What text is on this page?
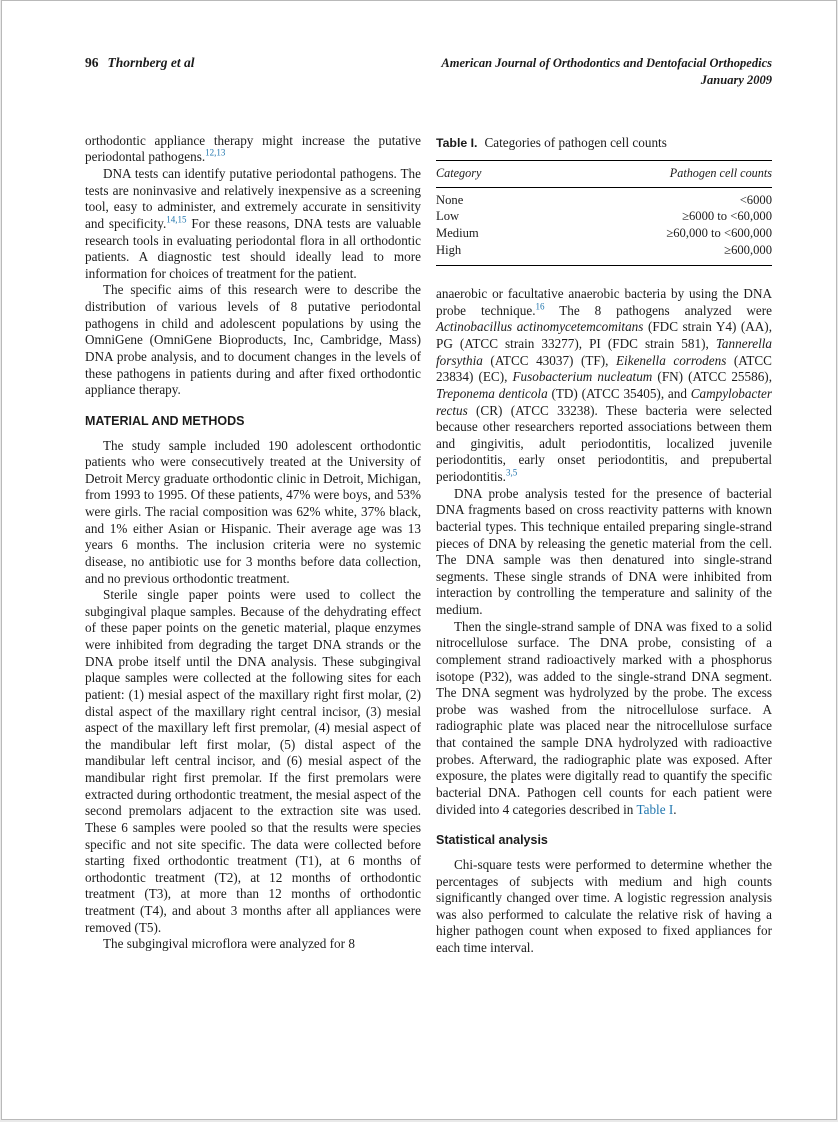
96 Thornberg et al	American Journal of Orthodontics and Dentofacial Orthopedics
January 2009

orthodontic appliance therapy might increase the putative periodontal pathogens.$^{12,13}$

DNA tests can identify putative periodontal pathogens. The tests are noninvasive and relatively inexpensive as a screening tool, easy to administer, and extremely accurate in sensitivity and specificity.$^{14,15}$ For these reasons, DNA tests are valuable research tools in evaluating periodontal flora in all orthodontic patients. A diagnostic test should ideally lead to more information for choices of treatment for the patient.

The specific aims of this research were to describe the distribution of various levels of 8 putative periodontal pathogens in child and adolescent populations by using the OmniGene (OmniGene Bioproducts, Inc, Cambridge, Mass) DNA probe analysis, and to document changes in the levels of these pathogens in patients during and after fixed orthodontic appliance therapy.

MATERIAL AND METHODS

The study sample included 190 adolescent orthodontic patients who were consecutively treated at the University of Detroit Mercy graduate orthodontic clinic in Detroit, Michigan, from 1993 to 1995. Of these patients, 47% were boys, and 53% were girls. The racial composition was 62% white, 37% black, and 1% either Asian or Hispanic. Their average age was 13 years 6 months. The inclusion criteria were no systemic disease, no antibiotic use for 3 months before data collection, and no previous orthodontic treatment.

Sterile single paper points were used to collect the subgingival plaque samples. Because of the dehydrating effect of these paper points on the genetic material, plaque enzymes were inhibited from degrading the target DNA strands or the DNA probe itself until the DNA analysis. These subgingival plaque samples were collected at the following sites for each patient: (1) mesial aspect of the maxillary right first molar, (2) distal aspect of the maxillary right central incisor, (3) mesial aspect of the maxillary left first premolar, (4) mesial aspect of the mandibular left first molar, (5) distal aspect of the mandibular left central incisor, and (6) mesial aspect of the mandibular right first premolar. If the first premolars were extracted during orthodontic treatment, the mesial aspect of the second premolars adjacent to the extraction site was used. These 6 samples were pooled so that the results were species specific and not site specific. The data were collected before starting fixed orthodontic treatment (T1), at 6 months of orthodontic treatment (T2), at 12 months of orthodontic treatment (T3), at more than 12 months of orthodontic treatment (T4), and about 3 months after all appliances were removed (T5).

The subgingival microflora were analyzed for 8

Table I. Categories of pathogen cell counts
Category	Pathogen cell counts
None	<6000
Low	≥6000 to <60,000
Medium	≥60,000 to <600,000
High	≥600,000

anaerobic or facultative anaerobic bacteria by using the DNA probe technique.$^{16}$ The 8 pathogens analyzed were Actinobacillus actinomycetemcomitans (FDC strain Y4) (AA), PG (ATCC strain 33277), PI (FDC strain 581), Tannerella forsythia (ATCC 43037) (TF), Eikenella corrodens (ATCC 23834) (EC), Fusobacterium nucleatum (FN) (ATCC 25586), Treponema denticola (TD) (ATCC 35405), and Campylobacter rectus (CR) (ATCC 33238). These bacteria were selected because other researchers reported associations between them and gingivitis, adult periodontitis, localized juvenile periodontitis, early onset periodontitis, and prepubertal periodontitis.$^{3,5}$

DNA probe analysis tested for the presence of bacterial DNA fragments based on cross reactivity patterns with known bacterial types. This technique entailed preparing single-strand pieces of DNA by releasing the genetic material from the cell. The DNA sample was then denatured into single-strand segments. These single strands of DNA were inhibited from interaction by controlling the temperature and salinity of the medium.

Then the single-strand sample of DNA was fixed to a solid nitrocellulose surface. The DNA probe, consisting of a complement strand radioactively marked with a phosphorus isotope (P32), was added to the single-strand DNA segment. The DNA segment was hydrolyzed by the probe. The excess probe was washed from the nitrocellulose surface. A radiographic plate was placed near the nitrocellulose surface that contained the sample DNA hydrolyzed with radioactive probes. Afterward, the radiographic plate was exposed. After exposure, the plates were digitally read to quantify the specific bacterial DNA. Pathogen cell counts for each patient were divided into 4 categories described in Table I.

Statistical analysis

Chi-square tests were performed to determine whether the percentages of subjects with medium and high counts significantly changed over time. A logistic regression analysis was also performed to calculate the relative risk of having a higher pathogen count when exposed to fixed appliances for each time interval.
